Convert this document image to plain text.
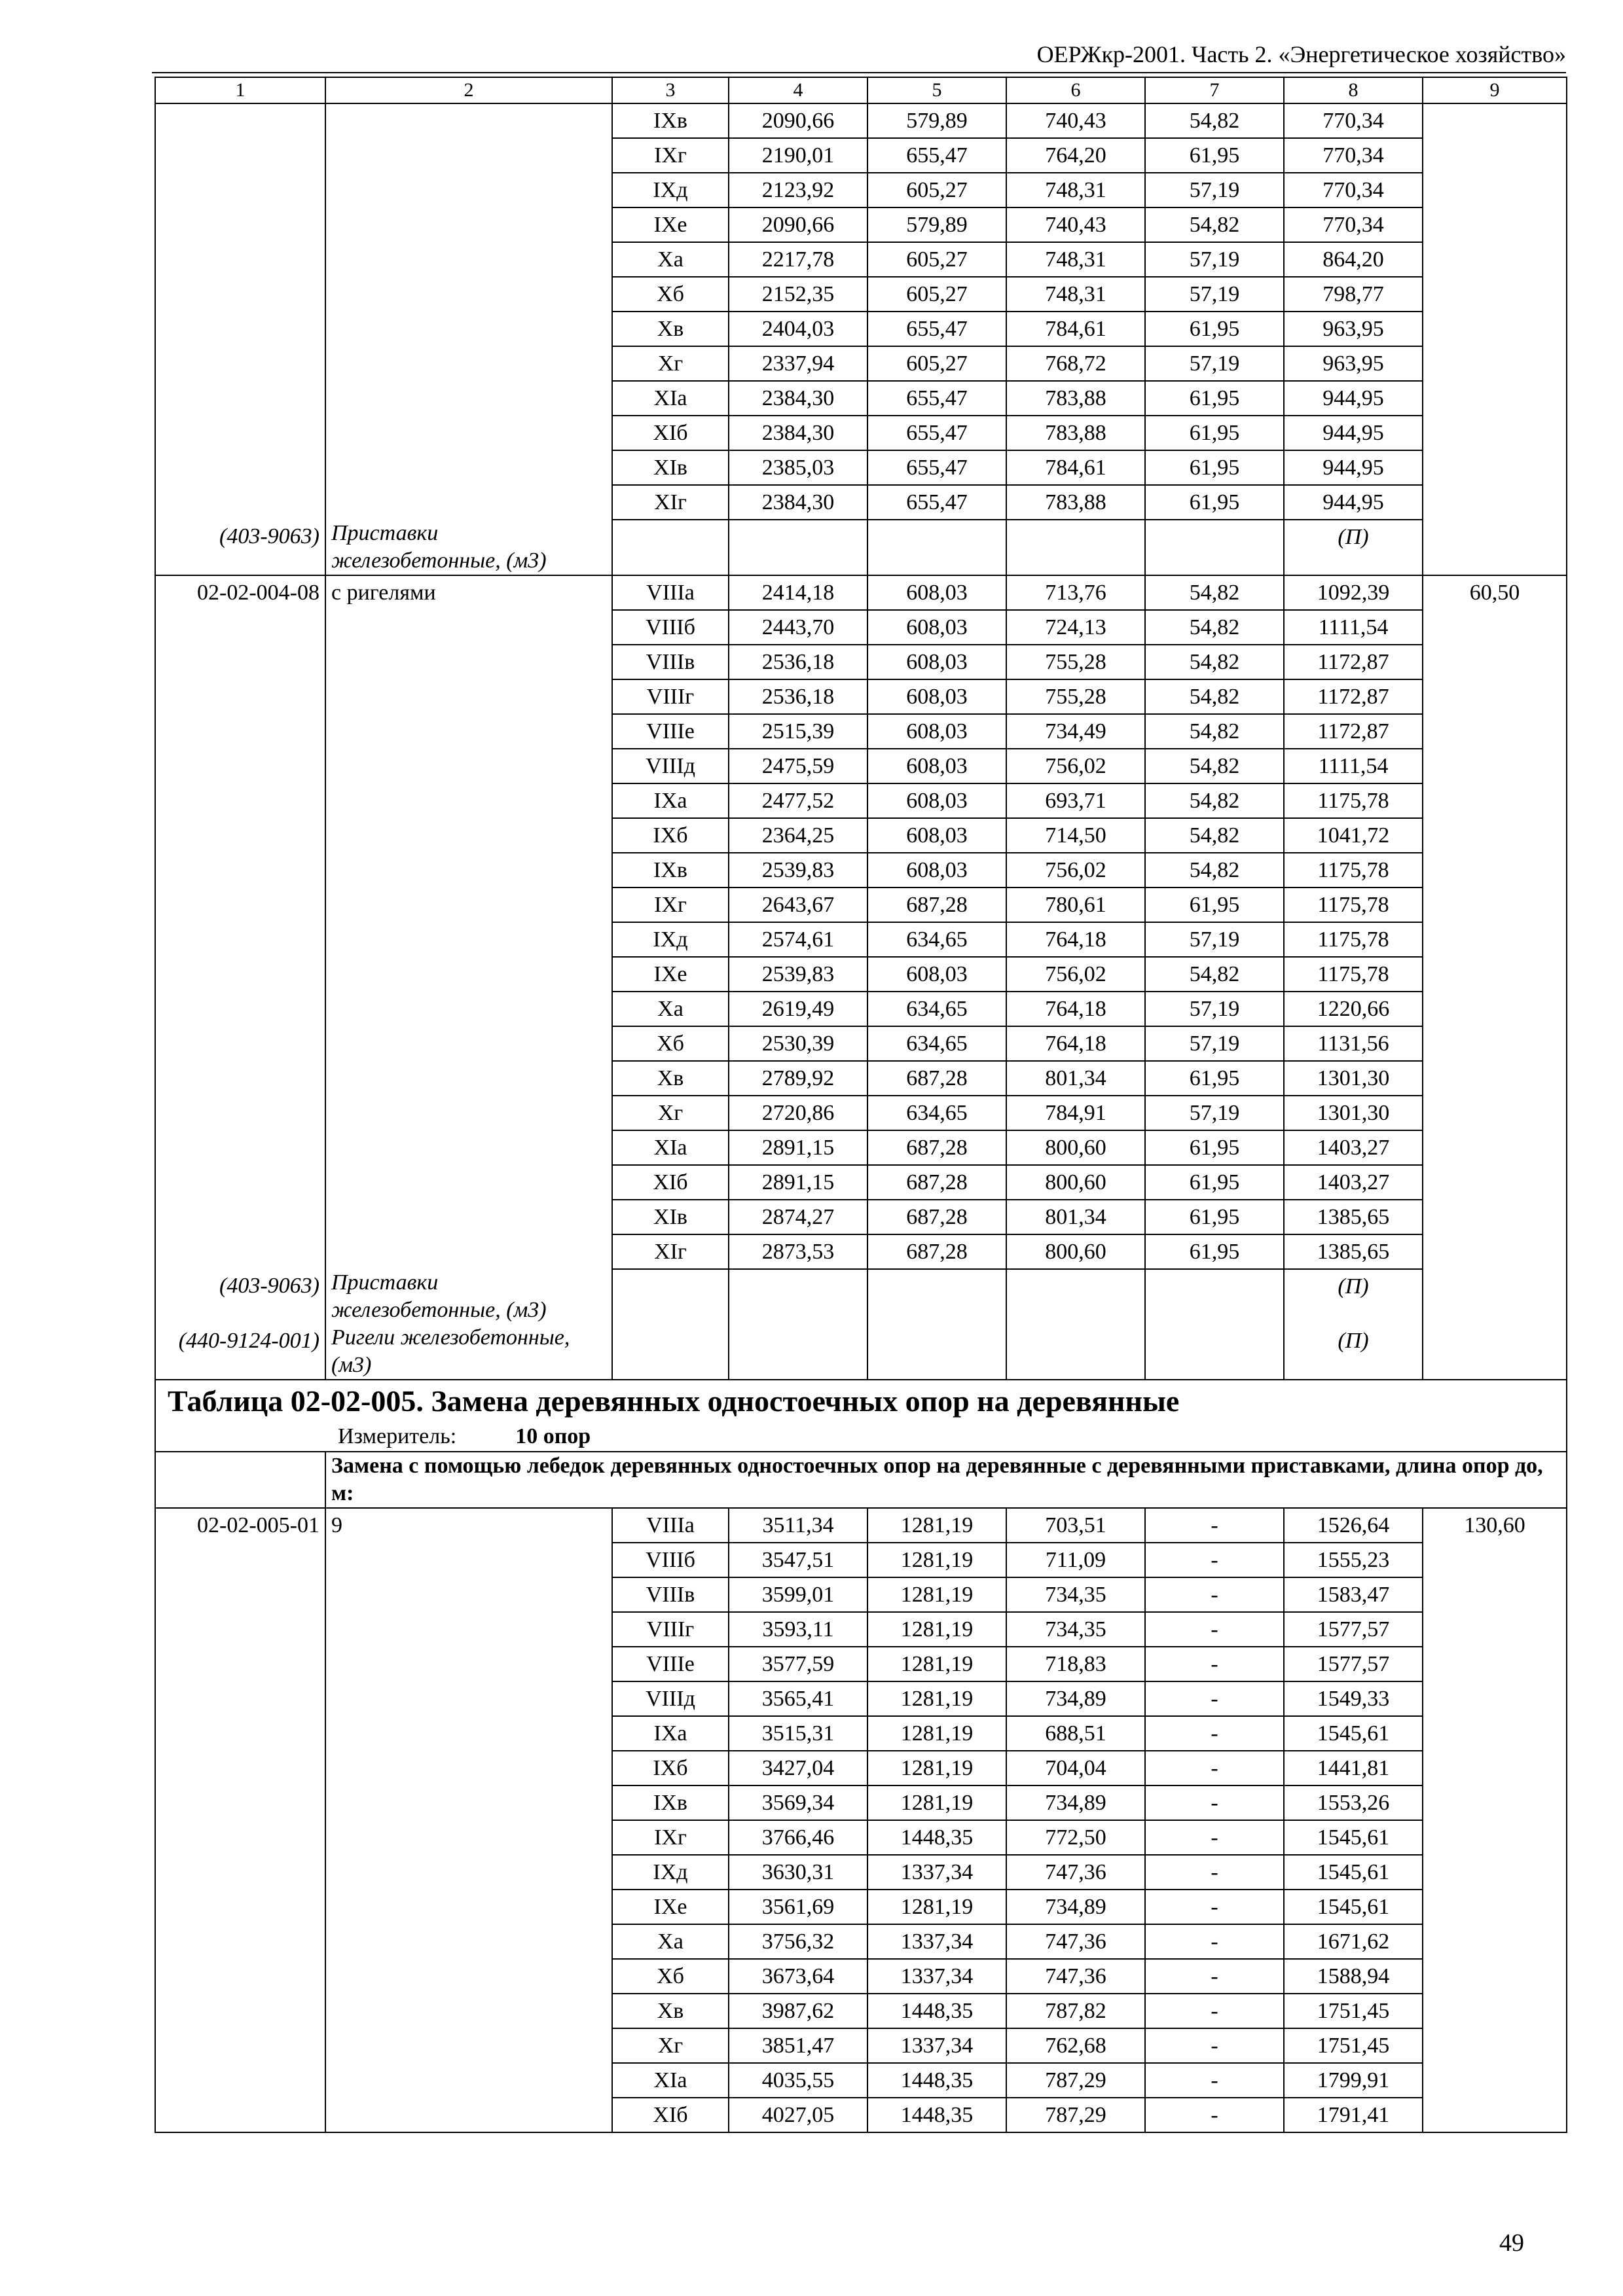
ОЕРЖкр-2001. Часть 2. «Энергетическое хозяйство»
1	2	3	4	5	6	7	8	9
		IXв	2090,66	579,89	740,43	54,82	770,34	
		IXг	2190,01	655,47	764,20	61,95	770,34	
		IXд	2123,92	605,27	748,31	57,19	770,34	
		IXе	2090,66	579,89	740,43	54,82	770,34	
		Xа	2217,78	605,27	748,31	57,19	864,20	
		Xб	2152,35	605,27	748,31	57,19	798,77	
		Xв	2404,03	655,47	784,61	61,95	963,95	
		Xг	2337,94	605,27	768,72	57,19	963,95	
		XIа	2384,30	655,47	783,88	61,95	944,95	
		XIб	2384,30	655,47	783,88	61,95	944,95	
		XIв	2385,03	655,47	784,61	61,95	944,95	
		XIг	2384,30	655,47	783,88	61,95	944,95	
(403-9063)	Приставки железобетонные, (м3)						(П)	
02-02-004-08	с ригелями	VIIIа	2414,18	608,03	713,76	54,82	1092,39	60,50
		VIIIб	2443,70	608,03	724,13	54,82	1111,54	
		VIIIв	2536,18	608,03	755,28	54,82	1172,87	
		VIIIг	2536,18	608,03	755,28	54,82	1172,87	
		VIIIе	2515,39	608,03	734,49	54,82	1172,87	
		VIIIд	2475,59	608,03	756,02	54,82	1111,54	
		IXа	2477,52	608,03	693,71	54,82	1175,78	
		IXб	2364,25	608,03	714,50	54,82	1041,72	
		IXв	2539,83	608,03	756,02	54,82	1175,78	
		IXг	2643,67	687,28	780,61	61,95	1175,78	
		IXд	2574,61	634,65	764,18	57,19	1175,78	
		IXе	2539,83	608,03	756,02	54,82	1175,78	
		Xа	2619,49	634,65	764,18	57,19	1220,66	
		Xб	2530,39	634,65	764,18	57,19	1131,56	
		Xв	2789,92	687,28	801,34	61,95	1301,30	
		Xг	2720,86	634,65	784,91	57,19	1301,30	
		XIа	2891,15	687,28	800,60	61,95	1403,27	
		XIб	2891,15	687,28	800,60	61,95	1403,27	
		XIв	2874,27	687,28	801,34	61,95	1385,65	
		XIг	2873,53	687,28	800,60	61,95	1385,65	
(403-9063)	Приставки железобетонные, (м3)						(П)	
(440-9124-001)	Ригели железобетонные, (м3)						(П)	

Таблица 02-02-005. Замена деревянных одностоечных опор на деревянные
Измеритель: 10 опор								

	Замена с помощью лебедок деревянных одностоечных опор на деревянные с деревянными приставками, длина опор до, м:							
02-02-005-01	9	VIIIа	3511,34	1281,19	703,51	-	1526,64	130,60
		VIIIб	3547,51	1281,19	711,09	-	1555,23	
		VIIIв	3599,01	1281,19	734,35	-	1583,47	
		VIIIг	3593,11	1281,19	734,35	-	1577,57	
		VIIIе	3577,59	1281,19	718,83	-	1577,57	
		VIIIд	3565,41	1281,19	734,89	-	1549,33	
		IXа	3515,31	1281,19	688,51	-	1545,61	
		IXб	3427,04	1281,19	704,04	-	1441,81	
		IXв	3569,34	1281,19	734,89	-	1553,26	
		IXг	3766,46	1448,35	772,50	-	1545,61	
		IXд	3630,31	1337,34	747,36	-	1545,61	
		IXе	3561,69	1281,19	734,89	-	1545,61	
		Xа	3756,32	1337,34	747,36	-	1671,62	
		Xб	3673,64	1337,34	747,36	-	1588,94	
		Xв	3987,62	1448,35	787,82	-	1751,45	
		Xг	3851,47	1337,34	762,68	-	1751,45	
		XIа	4035,55	1448,35	787,29	-	1799,91	
		XIб	4027,05	1448,35	787,29	-	1791,41	
49
